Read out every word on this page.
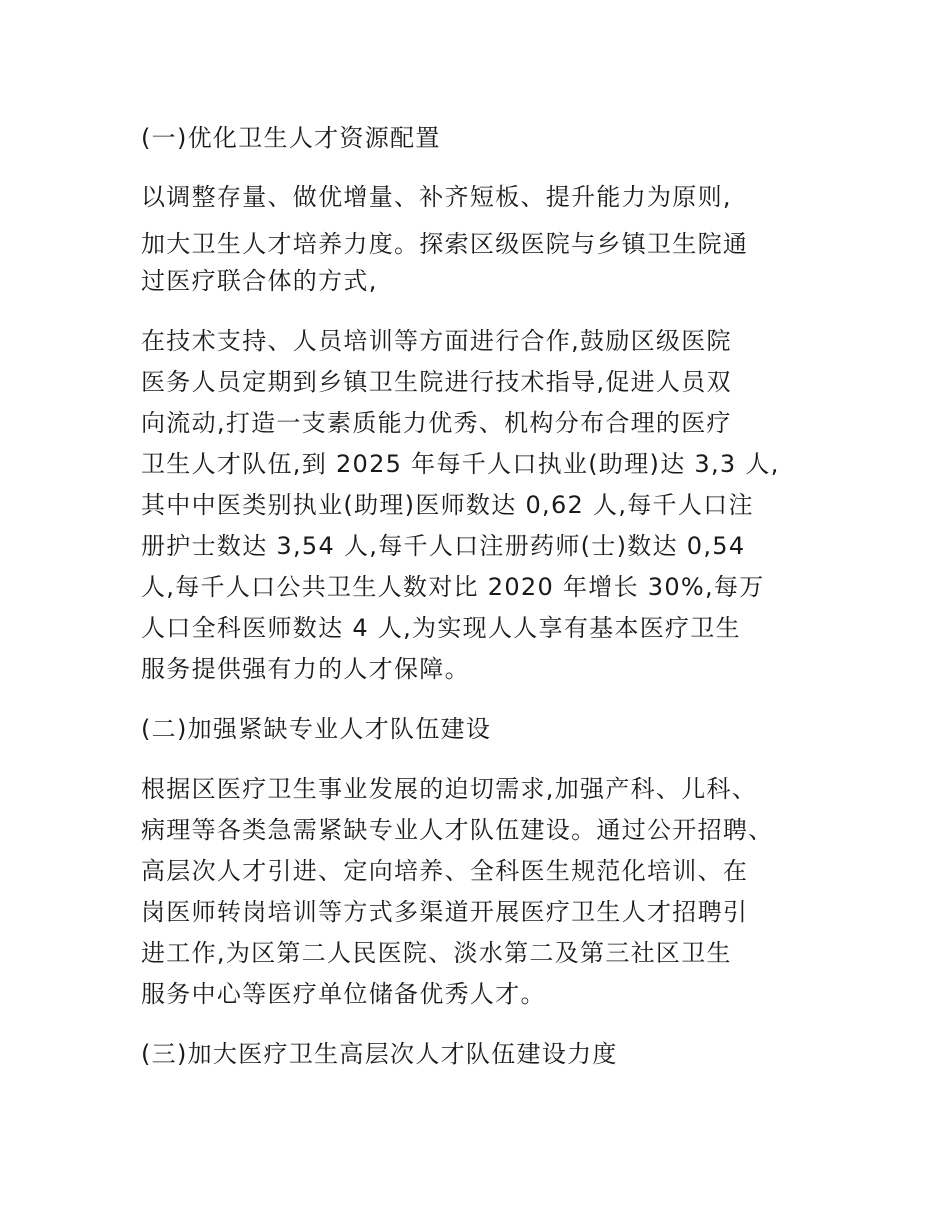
(一)优化卫生人才资源配置
以调整存量、做优增量、补齐短板、提升能力为原则,
加大卫生人才培养力度。探索区级医院与乡镇卫生院通
过医疗联合体的方式,
在技术支持、人员培训等方面进行合作,鼓励区级医院
医务人员定期到乡镇卫生院进行技术指导,促进人员双
向流动,打造一支素质能力优秀、机构分布合理的医疗
卫生人才队伍,到 2025 年每千人口执业(助理)达 3,3 人,
其中中医类别执业(助理)医师数达 0,62 人,每千人口注
册护士数达 3,54 人,每千人口注册药师(士)数达 0,54
人,每千人口公共卫生人数对比 2020 年增长 30%,每万
人口全科医师数达 4 人,为实现人人享有基本医疗卫生
服务提供强有力的人才保障。
(二)加强紧缺专业人才队伍建设
根据区医疗卫生事业发展的迫切需求,加强产科、儿科、
病理等各类急需紧缺专业人才队伍建设。通过公开招聘、
高层次人才引进、定向培养、全科医生规范化培训、在
岗医师转岗培训等方式多渠道开展医疗卫生人才招聘引
进工作,为区第二人民医院、淡水第二及第三社区卫生
服务中心等医疗单位储备优秀人才。
(三)加大医疗卫生高层次人才队伍建设力度
